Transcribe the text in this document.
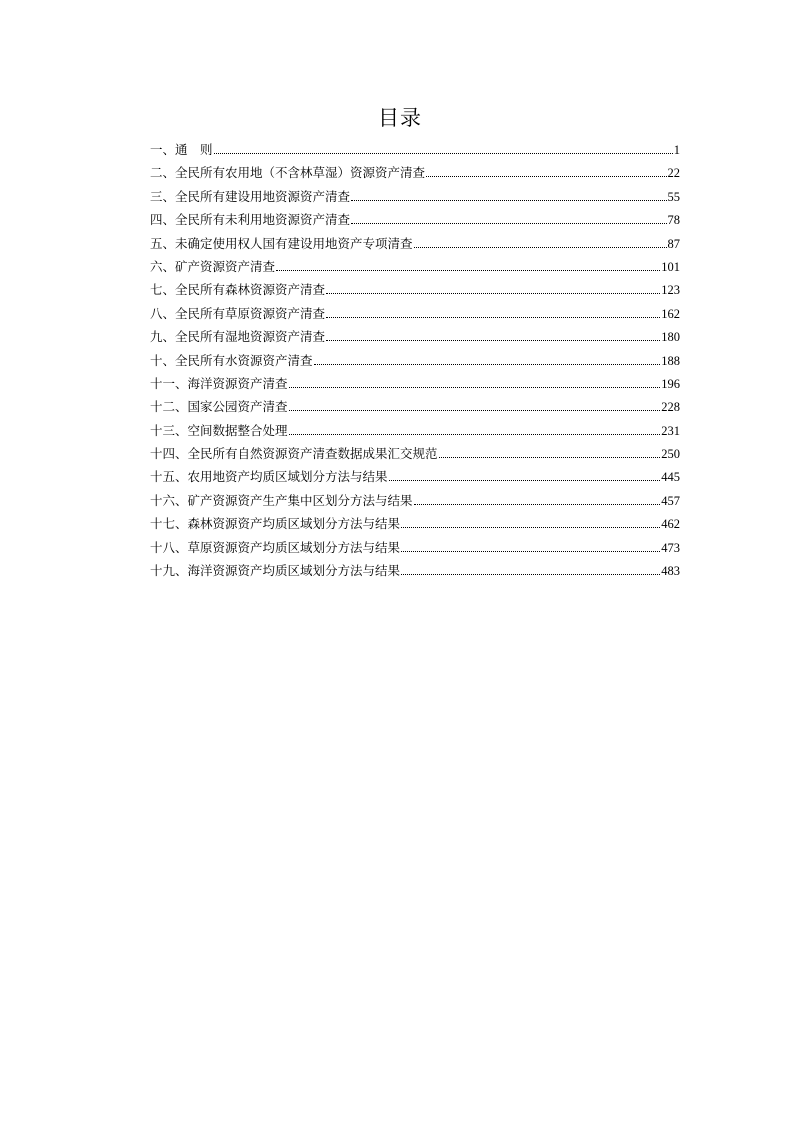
目录
一、通　则	1
二、全民所有农用地（不含林草湿）资源资产清查	22
三、全民所有建设用地资源资产清查	55
四、全民所有未利用地资源资产清查	78
五、未确定使用权人国有建设用地资产专项清查	87
六、矿产资源资产清查	101
七、全民所有森林资源资产清查	123
八、全民所有草原资源资产清查	162
九、全民所有湿地资源资产清查	180
十、全民所有水资源资产清查	188
十一、海洋资源资产清查	196
十二、国家公园资产清查	228
十三、空间数据整合处理	231
十四、全民所有自然资源资产清查数据成果汇交规范	250
十五、农用地资产均质区域划分方法与结果	445
十六、矿产资源资产生产集中区划分方法与结果	457
十七、森林资源资产均质区域划分方法与结果	462
十八、草原资源资产均质区域划分方法与结果	473
十九、海洋资源资产均质区域划分方法与结果	483
